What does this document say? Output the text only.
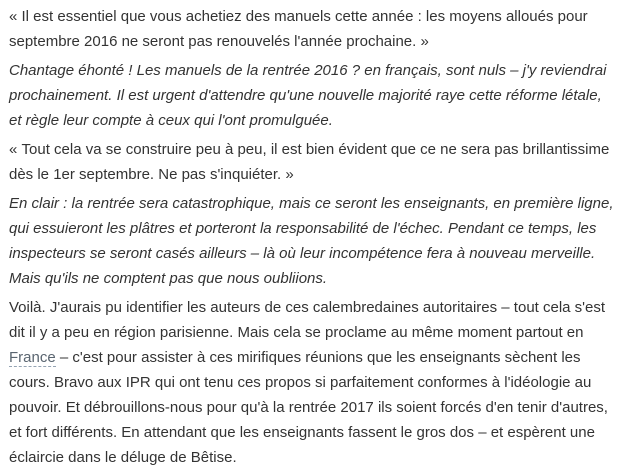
« Il est essentiel que vous achetiez des manuels cette année : les moyens alloués pour septembre 2016 ne seront pas renouvelés l'année prochaine. »

Chantage éhonté ! Les manuels de la rentrée 2016 ? en français, sont nuls – j'y reviendrai prochainement. Il est urgent d'attendre qu'une nouvelle majorité raye cette réforme létale, et règle leur compte à ceux qui l'ont promulguée.

« Tout cela va se construire peu à peu, il est bien évident que ce ne sera pas brillantissime dès le 1er septembre. Ne pas s'inquiéter. »

En clair : la rentrée sera catastrophique, mais ce seront les enseignants, en première ligne, qui essuieront les plâtres et porteront la responsabilité de l'échec. Pendant ce temps, les inspecteurs se seront casés ailleurs – là où leur incompétence fera à nouveau merveille. Mais qu'ils ne comptent pas que nous oubliions.

Voilà. J'aurais pu identifier les auteurs de ces calembredaines autoritaires – tout cela s'est dit il y a peu en région parisienne. Mais cela se proclame au même moment partout en France – c'est pour assister à ces mirifiques réunions que les enseignants sèchent les cours. Bravo aux IPR qui ont tenu ces propos si parfaitement conformes à l'idéologie au pouvoir. Et débrouillons-nous pour qu'à la rentrée 2017 ils soient forcés d'en tenir d'autres, et fort différents. En attendant que les enseignants fassent le gros dos – et espèrent une éclaircie dans le déluge de Bêtise.
